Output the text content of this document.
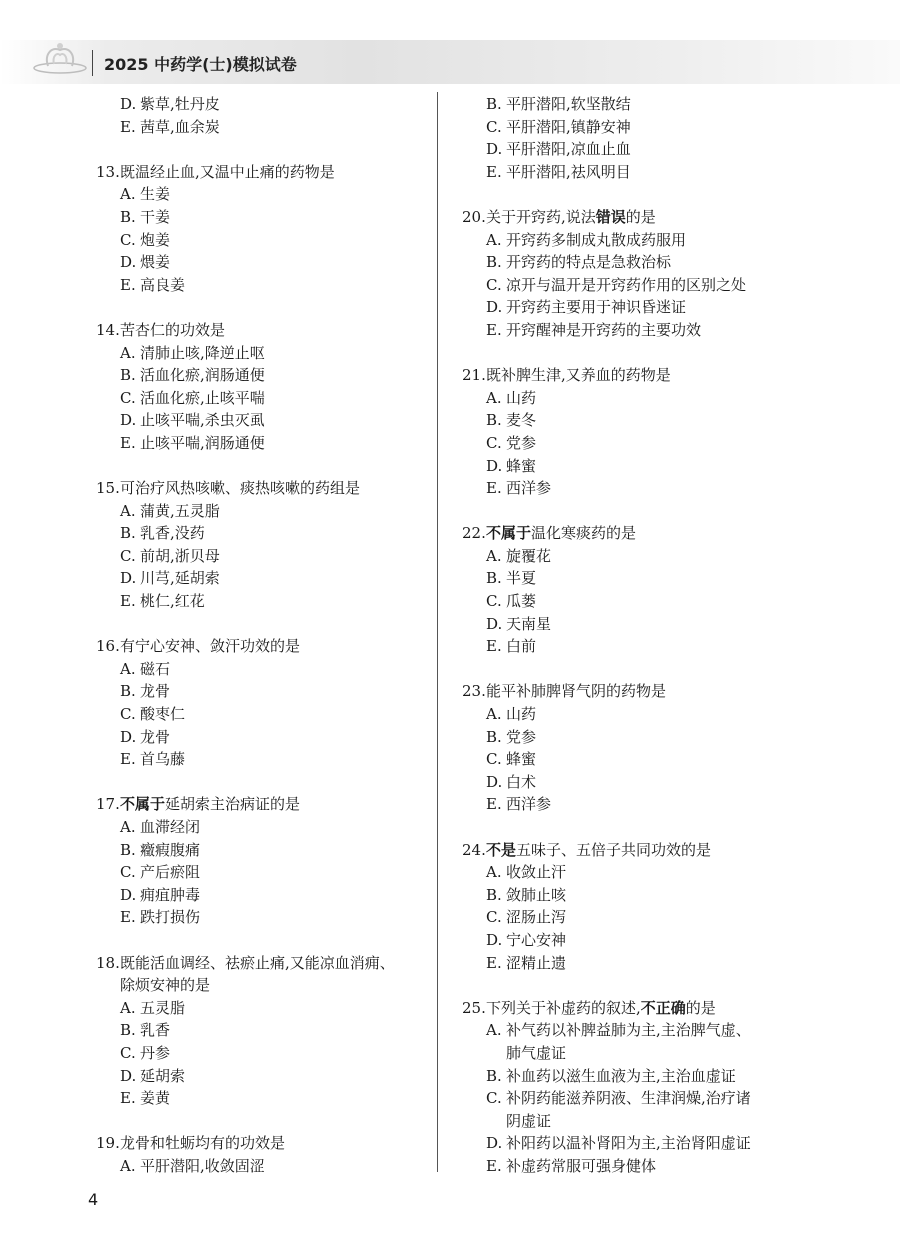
2025 中药学(士)模拟试卷
D. 紫草,牡丹皮
E. 茜草,血余炭
13. 既温经止血,又温中止痛的药物是
A. 生姜
B. 干姜
C. 炮姜
D. 煨姜
E. 高良姜
14. 苦杏仁的功效是
A. 清肺止咳,降逆止呕
B. 活血化瘀,润肠通便
C. 活血化瘀,止咳平喘
D. 止咳平喘,杀虫灭虱
E. 止咳平喘,润肠通便
15. 可治疗风热咳嗽、痰热咳嗽的药组是
A. 蒲黄,五灵脂
B. 乳香,没药
C. 前胡,浙贝母
D. 川芎,延胡索
E. 桃仁,红花
16. 有宁心安神、敛汗功效的是
A. 磁石
B. 龙骨
C. 酸枣仁
D. 龙骨
E. 首乌藤
17. 不属于延胡索主治病证的是
A. 血滞经闭
B. 癥瘕腹痛
C. 产后瘀阻
D. 痈疽肿毒
E. 跌打损伤
18. 既能活血调经、祛瘀止痛,又能凉血消痈、
除烦安神的是
A. 五灵脂
B. 乳香
C. 丹参
D. 延胡索
E. 姜黄
19. 龙骨和牡蛎均有的功效是
A. 平肝潜阳,收敛固涩
B. 平肝潜阳,软坚散结
C. 平肝潜阳,镇静安神
D. 平肝潜阳,凉血止血
E. 平肝潜阳,祛风明目
20. 关于开窍药,说法错误的是
A. 开窍药多制成丸散成药服用
B. 开窍药的特点是急救治标
C. 凉开与温开是开窍药作用的区别之处
D. 开窍药主要用于神识昏迷证
E. 开窍醒神是开窍药的主要功效
21. 既补脾生津,又养血的药物是
A. 山药
B. 麦冬
C. 党参
D. 蜂蜜
E. 西洋参
22. 不属于温化寒痰药的是
A. 旋覆花
B. 半夏
C. 瓜蒌
D. 天南星
E. 白前
23. 能平补肺脾肾气阴的药物是
A. 山药
B. 党参
C. 蜂蜜
D. 白术
E. 西洋参
24. 不是五味子、五倍子共同功效的是
A. 收敛止汗
B. 敛肺止咳
C. 涩肠止泻
D. 宁心安神
E. 涩精止遗
25. 下列关于补虚药的叙述,不正确的是
A. 补气药以补脾益肺为主,主治脾气虚、
肺气虚证
B. 补血药以滋生血液为主,主治血虚证
C. 补阴药能滋养阴液、生津润燥,治疗诸
阴虚证
D. 补阳药以温补肾阳为主,主治肾阳虚证
E. 补虚药常服可强身健体
4
